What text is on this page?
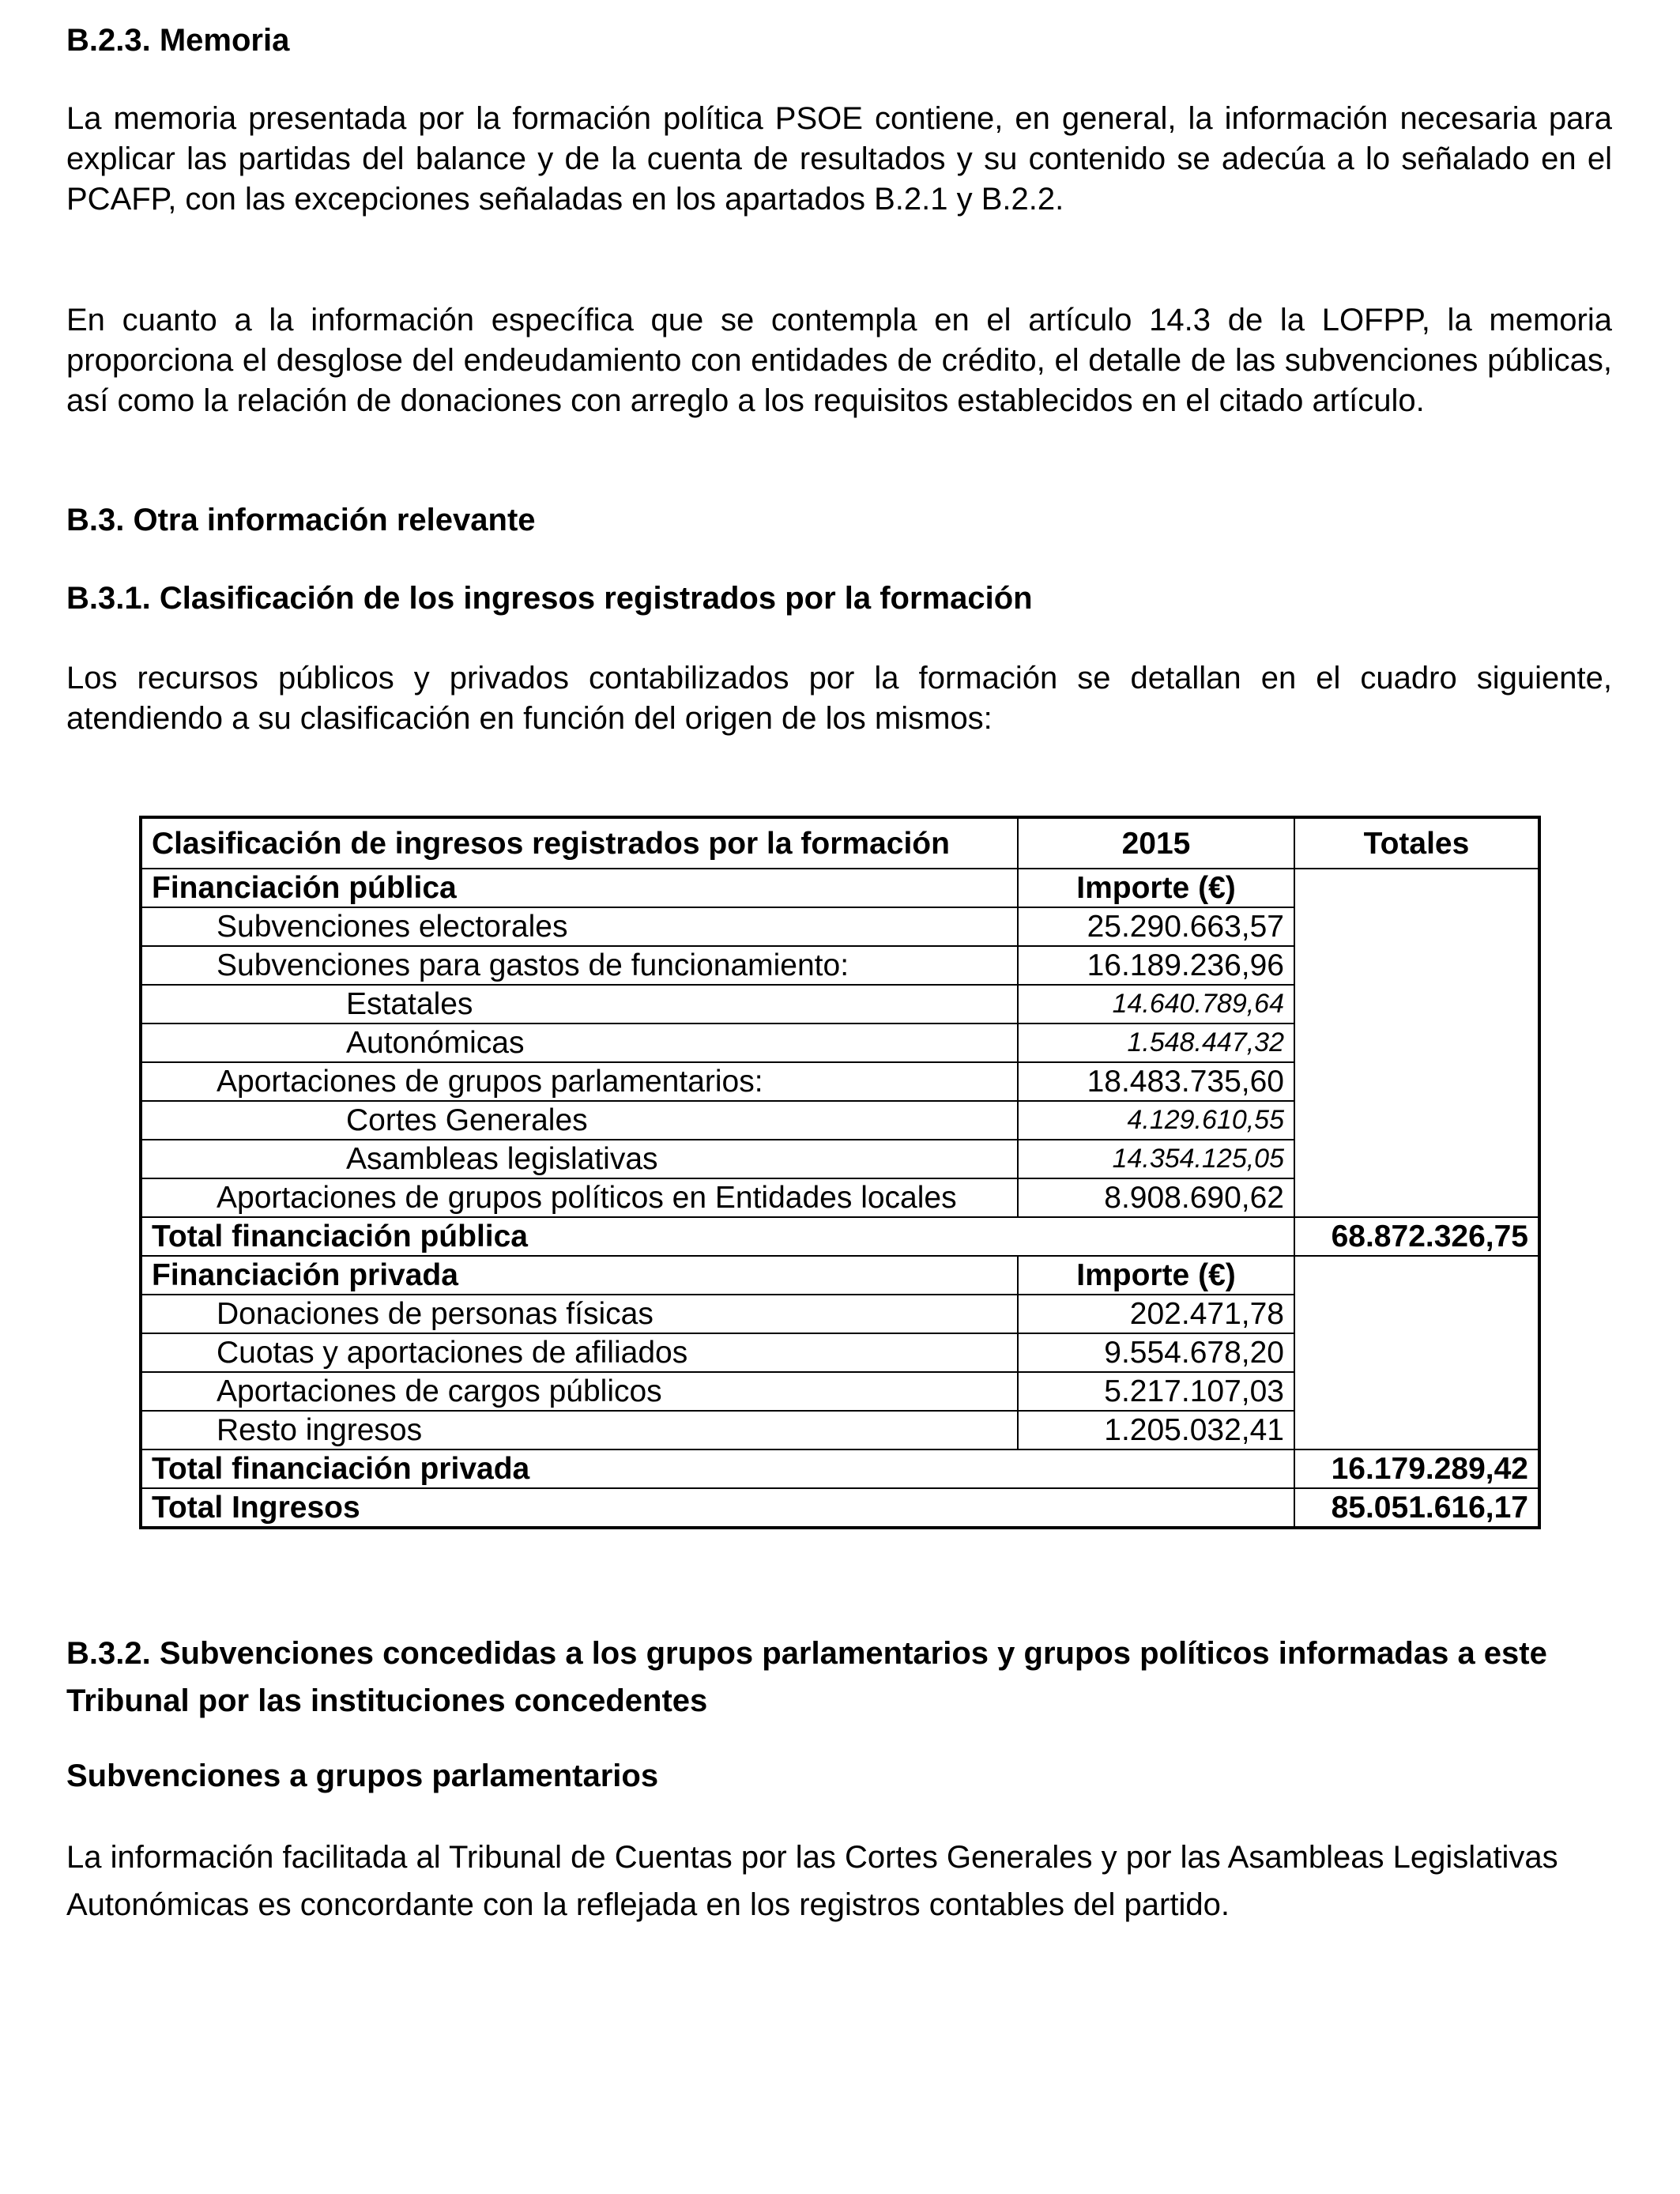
B.2.3. Memoria

La memoria presentada por la formación política PSOE contiene, en general, la información necesaria para explicar las partidas del balance y de la cuenta de resultados y su contenido se adecúa a lo señalado en el PCAFP, con las excepciones señaladas en los apartados B.2.1 y B.2.2.

En cuanto a la información específica que se contempla en el artículo 14.3 de la LOFPP, la memoria proporciona el desglose del endeudamiento con entidades de crédito, el detalle de las subvenciones públicas, así como la relación de donaciones con arreglo a los requisitos establecidos en el citado artículo.

B.3. Otra información relevante
B.3.1. Clasificación de los ingresos registrados por la formación

Los recursos públicos y privados contabilizados por la formación se detallan en el cuadro siguiente, atendiendo a su clasificación en función del origen de los mismos:

Clasificación de ingresos registrados por la formación	2015	Totales
Financiación pública	Importe (€)	
Subvenciones electorales	25.290.663,57	
Subvenciones para gastos de funcionamiento:	16.189.236,96	
Estatales	14.640.789,64	
Autonómicas	1.548.447,32	
Aportaciones de grupos parlamentarios:	18.483.735,60	
Cortes Generales	4.129.610,55	
Asambleas legislativas	14.354.125,05	
Aportaciones de grupos políticos en Entidades locales	8.908.690,62	
Total financiación pública		68.872.326,75
Financiación privada	Importe (€)	
Donaciones de personas físicas	202.471,78	
Cuotas y aportaciones de afiliados	9.554.678,20	
Aportaciones de cargos públicos	5.217.107,03	
Resto ingresos	1.205.032,41	
Total financiación privada		16.179.289,42
Total Ingresos		85.051.616,17
B.3.2. Subvenciones concedidas a los grupos parlamentarios y grupos políticos informadas a este Tribunal por las instituciones concedentes
Subvenciones a grupos parlamentarios

La información facilitada al Tribunal de Cuentas por las Cortes Generales y por las Asambleas Legislativas Autonómicas es concordante con la reflejada en los registros contables del partido.
